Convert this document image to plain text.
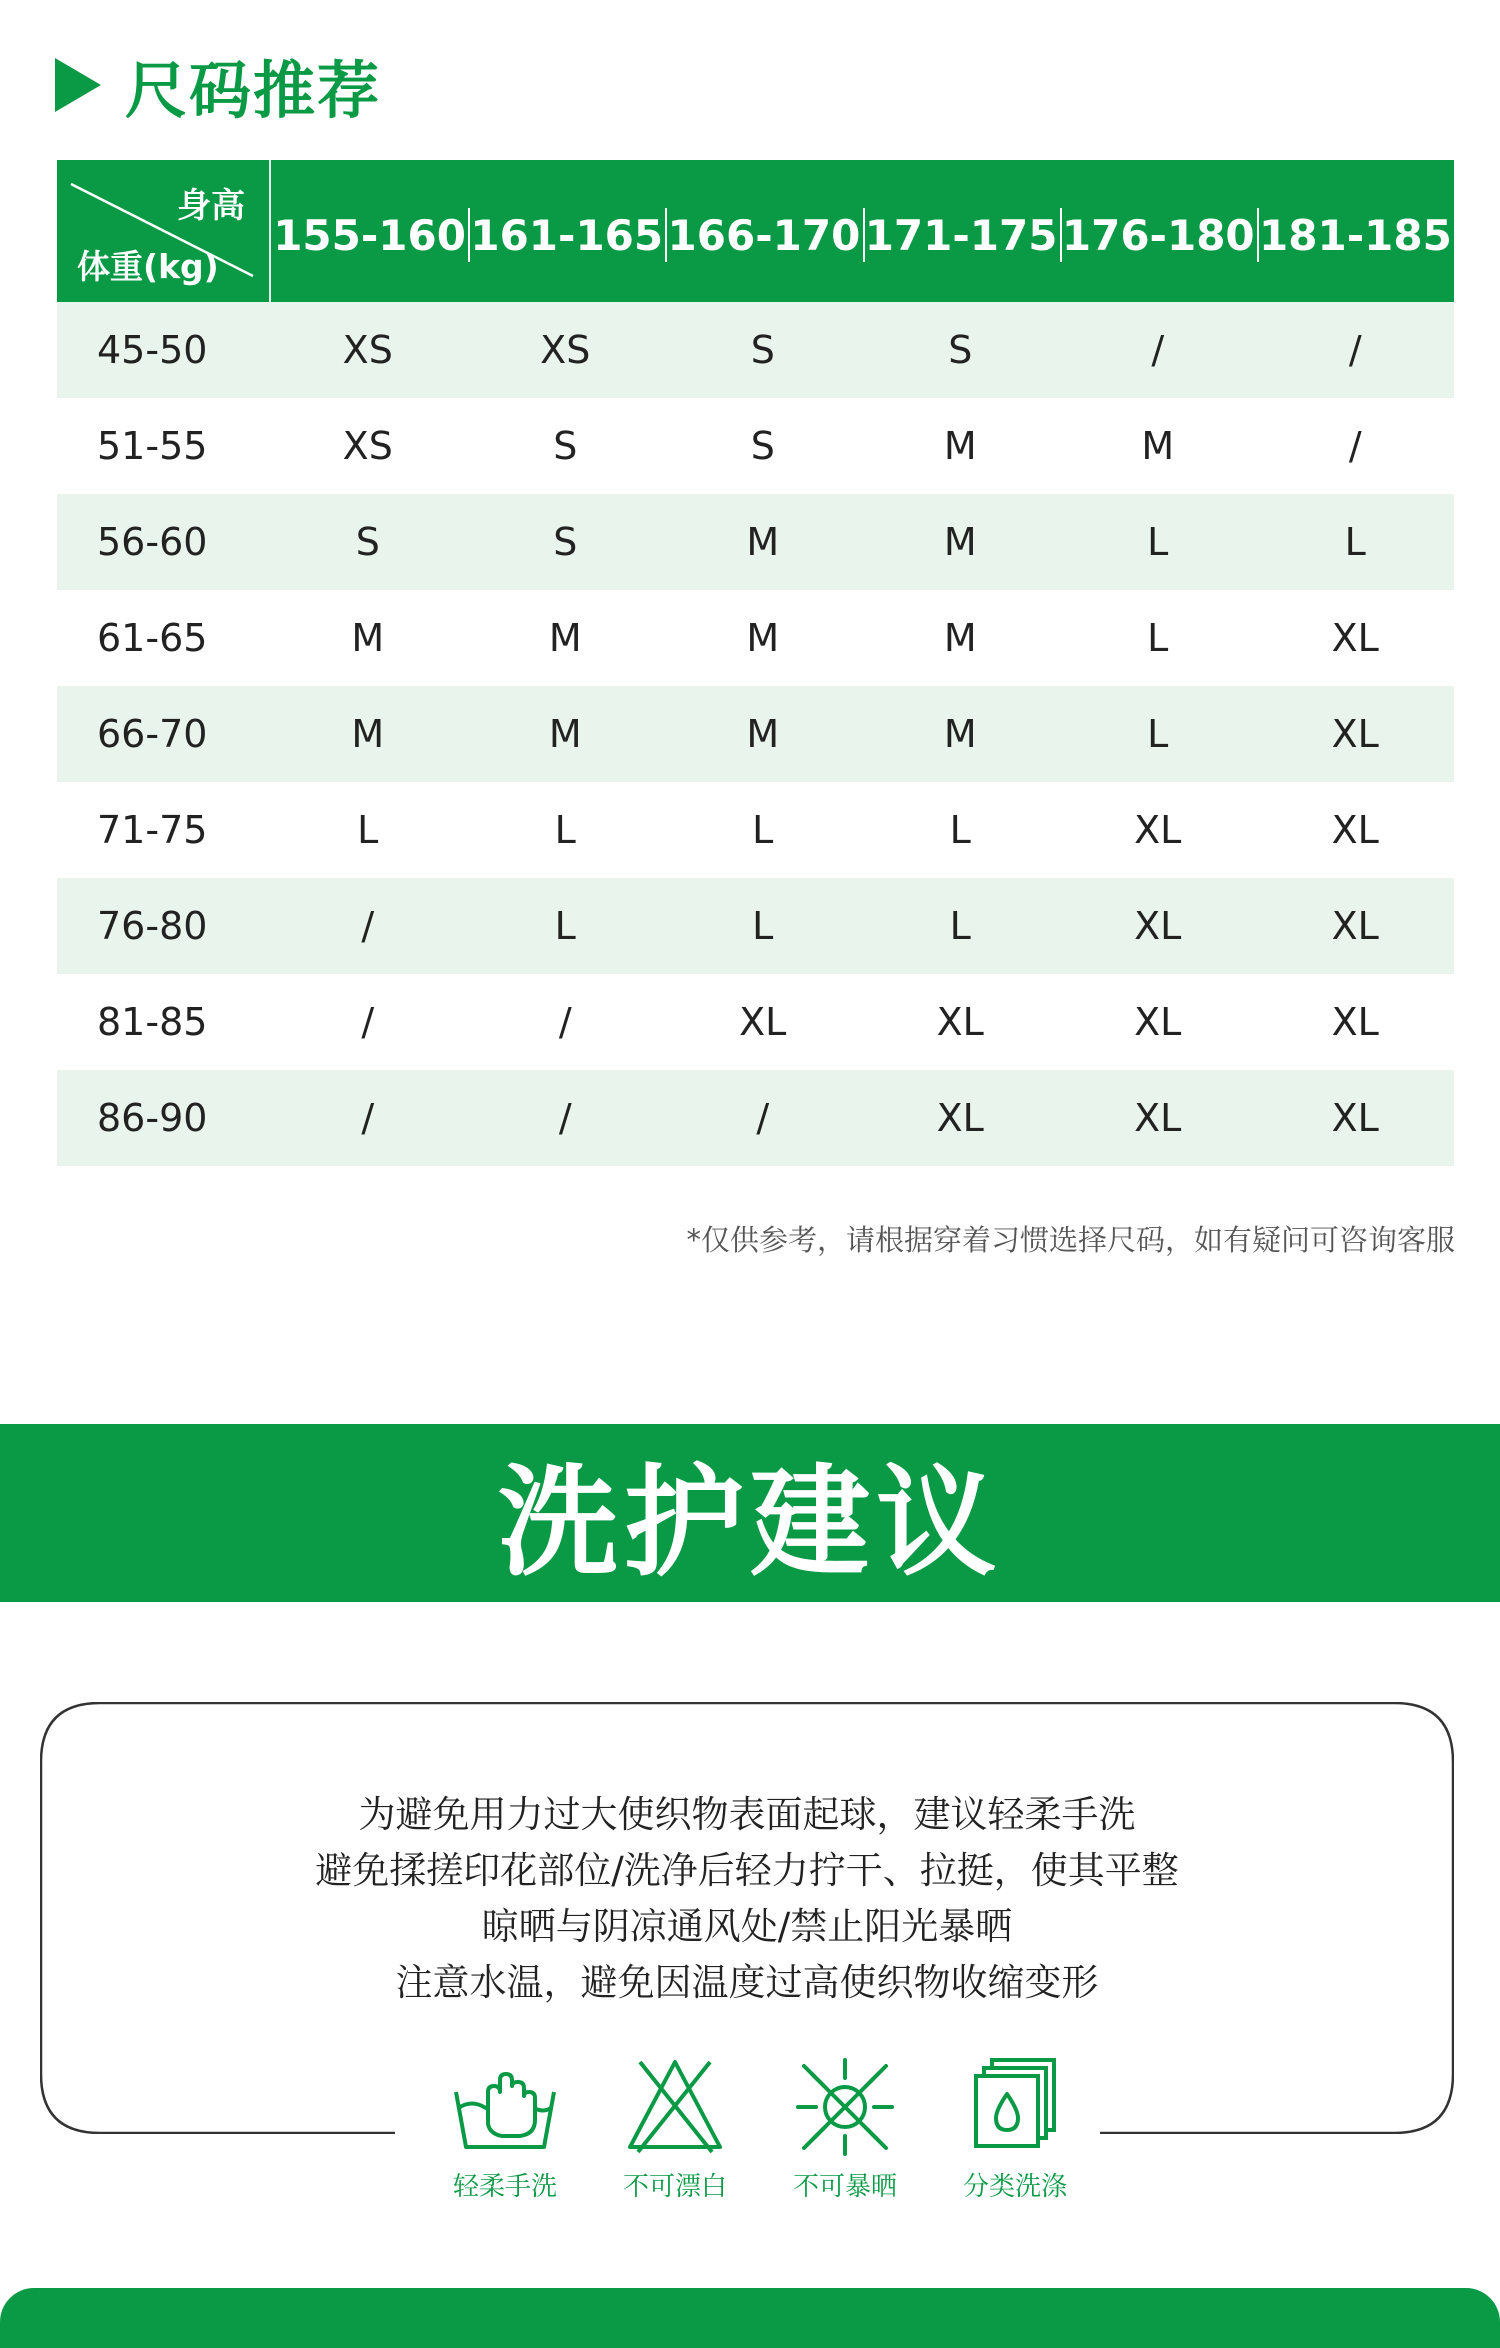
尺码推荐
身高
体重(kg)
155-160 161-165 166-170 171-175 176-180 181-185
45-50	XS	XS	S	S	/	/
51-55	XS	S	S	M	M	/
56-60	S	S	M	M	L	L
61-65	M	M	M	M	L	XL
66-70	M	M	M	M	L	XL
71-75	L	L	L	L	XL	XL
76-80	/	L	L	L	XL	XL
81-85	/	/	XL	XL	XL	XL
86-90	/	/	/	XL	XL	XL
*仅供参考，请根据穿着习惯选择尺码，如有疑问可咨询客服
洗护建议
为避免用力过大使织物表面起球，建议轻柔手洗
避免揉搓印花部位/洗净后轻力拧干、拉挺，使其平整
晾晒与阴凉通风处/禁止阳光暴晒
注意水温，避免因温度过高使织物收缩变形
轻柔手洗	不可漂白	不可暴晒	分类洗涤
